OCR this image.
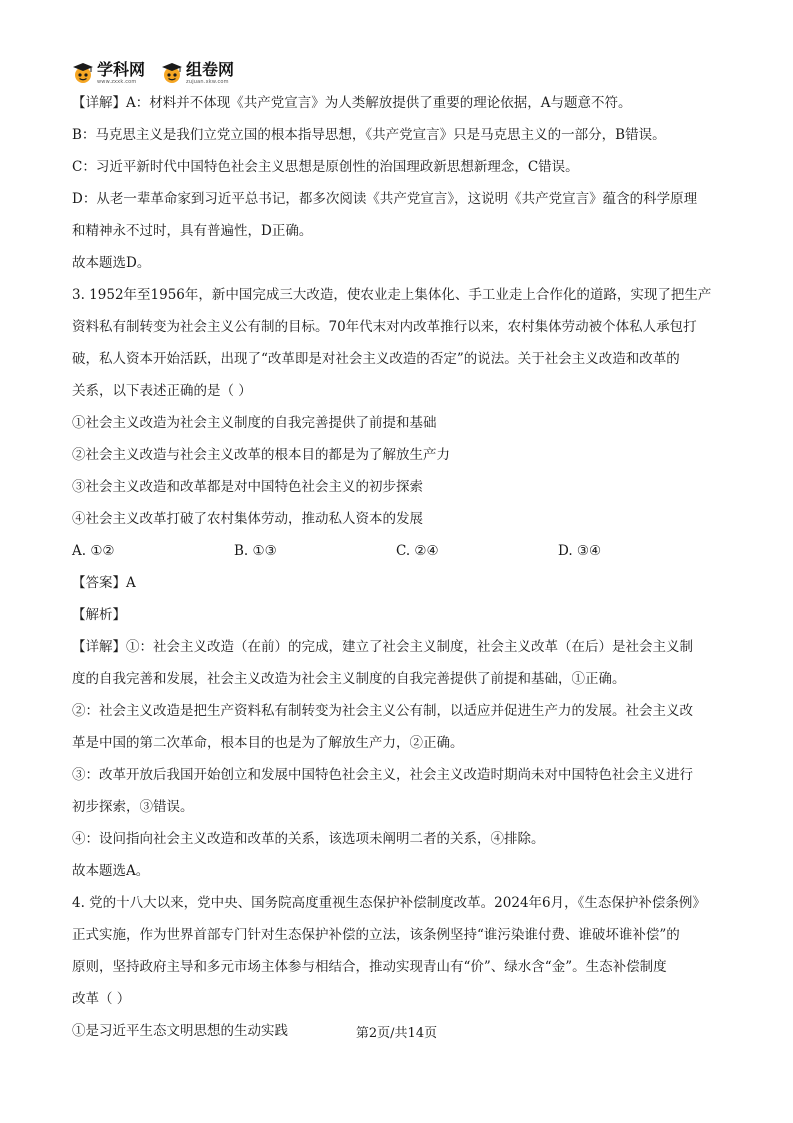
学科网
www.zxxk.com
组卷网
zujuan.xkw.com
【详解】A：材料并不体现《共产党宣言》为人类解放提供了重要的理论依据，A与题意不符。
B：马克思主义是我们立党立国的根本指导思想，《共产党宣言》只是马克思主义的一部分，B错误。
C：习近平新时代中国特色社会主义思想是原创性的治国理政新思想新理念，C错误。
D：从老一辈革命家到习近平总书记，都多次阅读《共产党宣言》，这说明《共产党宣言》蕴含的科学原理
和精神永不过时，具有普遍性，D正确。
故本题选D。
3. 1952年至1956年，新中国完成三大改造，使农业走上集体化、手工业走上合作化的道路，实现了把生产
资料私有制转变为社会主义公有制的目标。70年代末对内改革推行以来，农村集体劳动被个体私人承包打
破，私人资本开始活跃，出现了“改革即是对社会主义改造的否定”的说法。关于社会主义改造和改革的
关系，以下表述正确的是（ ）
①社会主义改造为社会主义制度的自我完善提供了前提和基础
②社会主义改造与社会主义改革的根本目的都是为了解放生产力
③社会主义改造和改革都是对中国特色社会主义的初步探索
④社会主义改革打破了农村集体劳动，推动私人资本的发展
A. ①②	B. ①③	C. ②④	D. ③④
【答案】A
【解析】
【详解】①：社会主义改造（在前）的完成，建立了社会主义制度，社会主义改革（在后）是社会主义制
度的自我完善和发展，社会主义改造为社会主义制度的自我完善提供了前提和基础，①正确。
②：社会主义改造是把生产资料私有制转变为社会主义公有制，以适应并促进生产力的发展。社会主义改
革是中国的第二次革命，根本目的也是为了解放生产力，②正确。
③：改革开放后我国开始创立和发展中国特色社会主义，社会主义改造时期尚未对中国特色社会主义进行
初步探索，③错误。
④：设问指向社会主义改造和改革的关系，该选项未阐明二者的关系，④排除。
故本题选A。
4. 党的十八大以来，党中央、国务院高度重视生态保护补偿制度改革。2024年6月，《生态保护补偿条例》
正式实施，作为世界首部专门针对生态保护补偿的立法，该条例坚持“谁污染谁付费、谁破坏谁补偿”的
原则，坚持政府主导和多元市场主体参与相结合，推动实现青山有“价”、绿水含“金”。生态补偿制度
改革（ ）
①是习近平生态文明思想的生动实践	第2页/共14页
